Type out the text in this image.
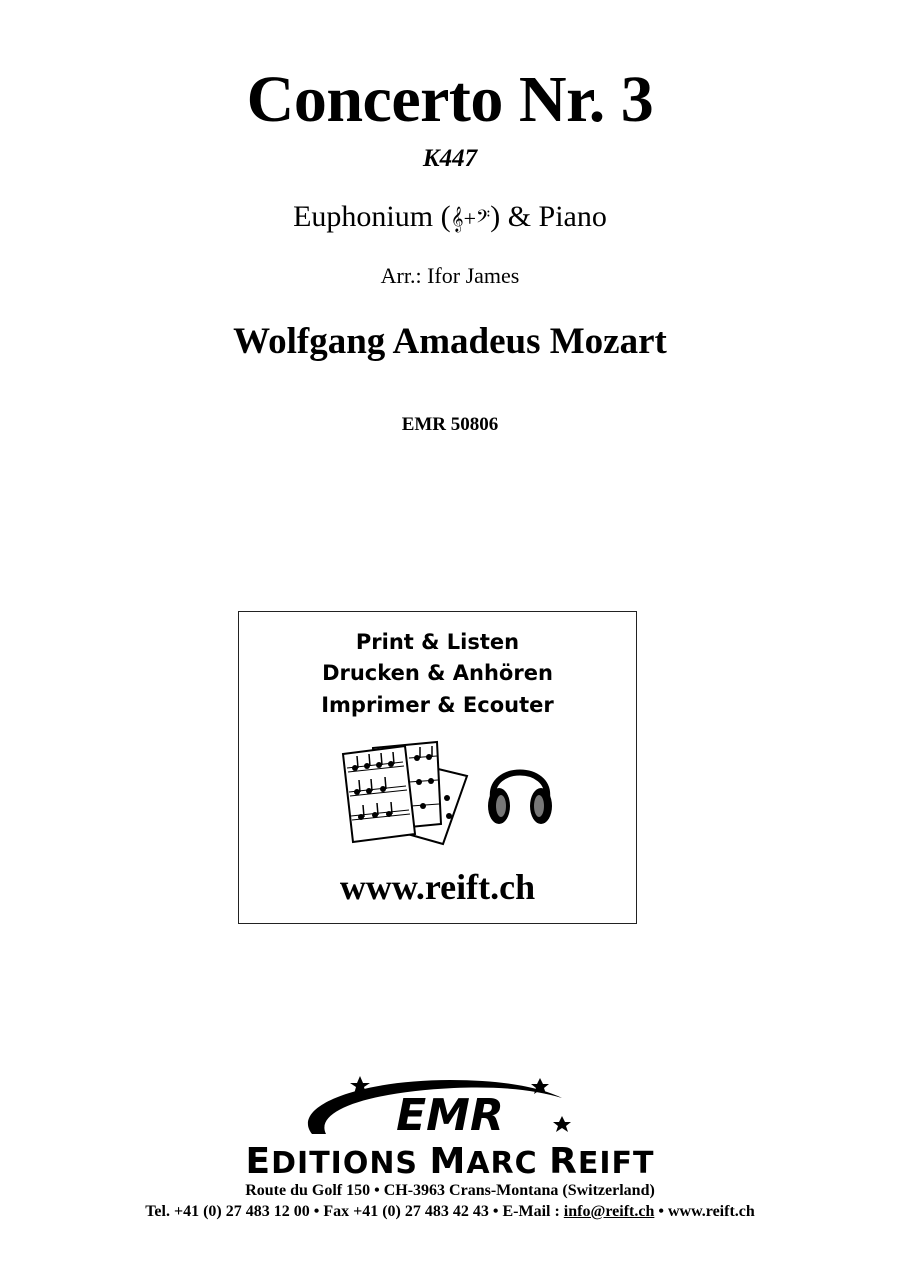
Concerto Nr. 3
K447
Euphonium (𝄞+𝄢) & Piano
Arr.: Ifor James
Wolfgang Amadeus Mozart
EMR 50806
Print & Listen
Drucken & Anhören
Imprimer & Ecouter
www.reift.ch
EMR
EDITIONS MARC REIFT
Route du Golf 150 • CH-3963 Crans-Montana (Switzerland)
Tel. +41 (0) 27 483 12 00 • Fax +41 (0) 27 483 42 43 • E-Mail : info@reift.ch • www.reift.ch
